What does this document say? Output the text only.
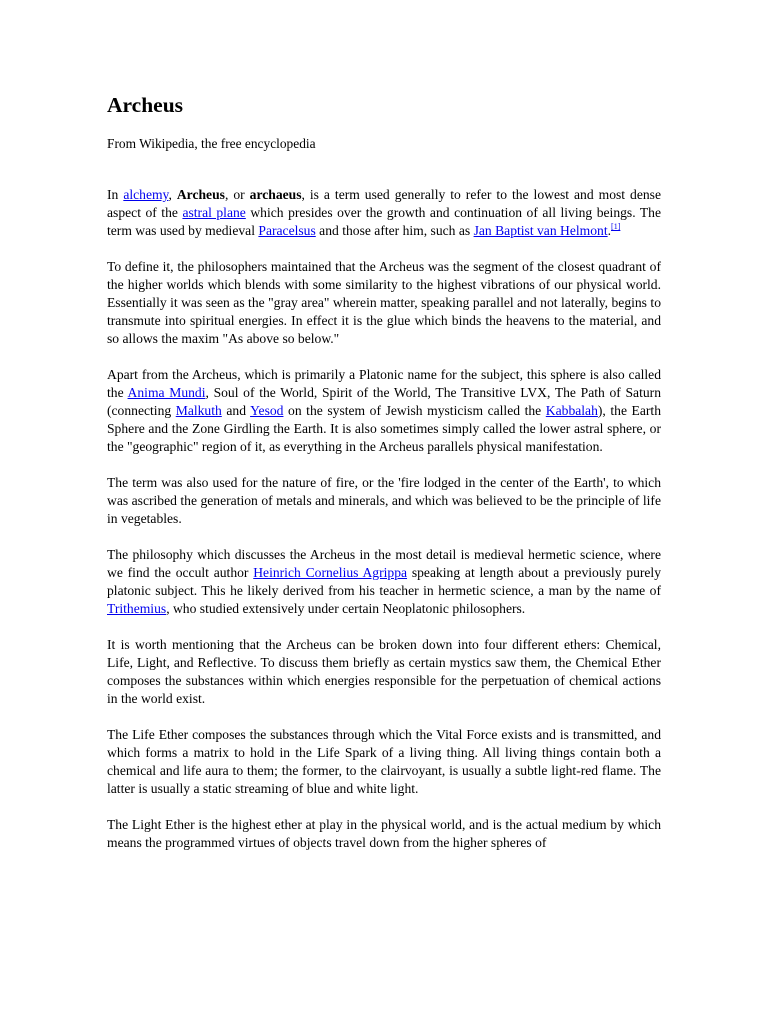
Archeus

From Wikipedia, the free encyclopedia

In alchemy, Archeus, or archaeus, is a term used generally to refer to the lowest and most dense aspect of the astral plane which presides over the growth and continuation of all living beings. The term was used by medieval Paracelsus and those after him, such as Jan Baptist van Helmont.[1]

To define it, the philosophers maintained that the Archeus was the segment of the closest quadrant of the higher worlds which blends with some similarity to the highest vibrations of our physical world. Essentially it was seen as the "gray area" wherein matter, speaking parallel and not laterally, begins to transmute into spiritual energies. In effect it is the glue which binds the heavens to the material, and so allows the maxim "As above so below."

Apart from the Archeus, which is primarily a Platonic name for the subject, this sphere is also called the Anima Mundi, Soul of the World, Spirit of the World, The Transitive LVX, The Path of Saturn (connecting Malkuth and Yesod on the system of Jewish mysticism called the Kabbalah), the Earth Sphere and the Zone Girdling the Earth. It is also sometimes simply called the lower astral sphere, or the "geographic" region of it, as everything in the Archeus parallels physical manifestation.

The term was also used for the nature of fire, or the 'fire lodged in the center of the Earth', to which was ascribed the generation of metals and minerals, and which was believed to be the principle of life in vegetables.

The philosophy which discusses the Archeus in the most detail is medieval hermetic science, where we find the occult author Heinrich Cornelius Agrippa speaking at length about a previously purely platonic subject. This he likely derived from his teacher in hermetic science, a man by the name of Trithemius, who studied extensively under certain Neoplatonic philosophers.

It is worth mentioning that the Archeus can be broken down into four different ethers: Chemical, Life, Light, and Reflective. To discuss them briefly as certain mystics saw them, the Chemical Ether composes the substances within which energies responsible for the perpetuation of chemical actions in the world exist.

The Life Ether composes the substances through which the Vital Force exists and is transmitted, and which forms a matrix to hold in the Life Spark of a living thing. All living things contain both a chemical and life aura to them; the former, to the clairvoyant, is usually a subtle light-red flame. The latter is usually a static streaming of blue and white light.

The Light Ether is the highest ether at play in the physical world, and is the actual medium by which means the programmed virtues of objects travel down from the higher spheres of
